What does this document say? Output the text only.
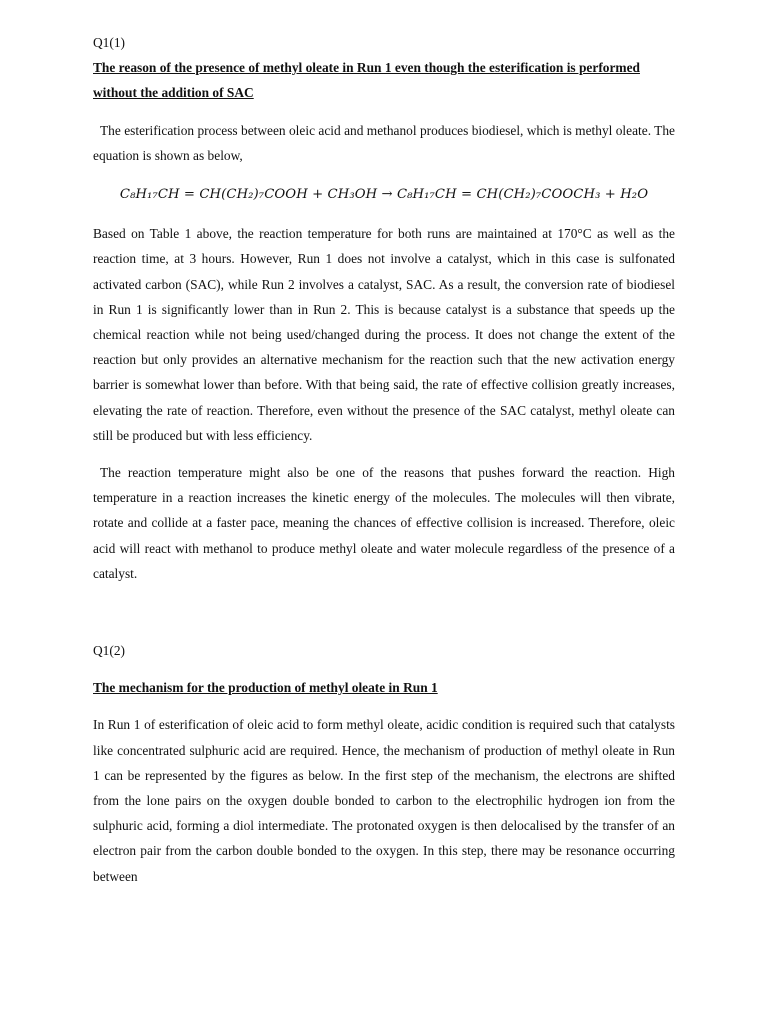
Q1(1)

The reason of the presence of methyl oleate in Run 1 even though the esterification is performed without the addition of SAC

The esterification process between oleic acid and methanol produces biodiesel, which is methyl oleate. The equation is shown as below,

C₈H₁₇CH = CH(CH₂)₇COOH + CH₃OH → C₈H₁₇CH = CH(CH₂)₇COOCH₃ + H₂O

Based on Table 1 above, the reaction temperature for both runs are maintained at 170°C as well as the reaction time, at 3 hours. However, Run 1 does not involve a catalyst, which in this case is sulfonated activated carbon (SAC), while Run 2 involves a catalyst, SAC. As a result, the conversion rate of biodiesel in Run 1 is significantly lower than in Run 2. This is because catalyst is a substance that speeds up the chemical reaction while not being used/changed during the process. It does not change the extent of the reaction but only provides an alternative mechanism for the reaction such that the new activation energy barrier is somewhat lower than before. With that being said, the rate of effective collision greatly increases, elevating the rate of reaction. Therefore, even without the presence of the SAC catalyst, methyl oleate can still be produced but with less efficiency.

The reaction temperature might also be one of the reasons that pushes forward the reaction. High temperature in a reaction increases the kinetic energy of the molecules. The molecules will then vibrate, rotate and collide at a faster pace, meaning the chances of effective collision is increased. Therefore, oleic acid will react with methanol to produce methyl oleate and water molecule regardless of the presence of a catalyst.

Q1(2)

The mechanism for the production of methyl oleate in Run 1

In Run 1 of esterification of oleic acid to form methyl oleate, acidic condition is required such that catalysts like concentrated sulphuric acid are required. Hence, the mechanism of production of methyl oleate in Run 1 can be represented by the figures as below. In the first step of the mechanism, the electrons are shifted from the lone pairs on the oxygen double bonded to carbon to the electrophilic hydrogen ion from the sulphuric acid, forming a diol intermediate. The protonated oxygen is then delocalised by the transfer of an electron pair from the carbon double bonded to the oxygen. In this step, there may be resonance occurring between
